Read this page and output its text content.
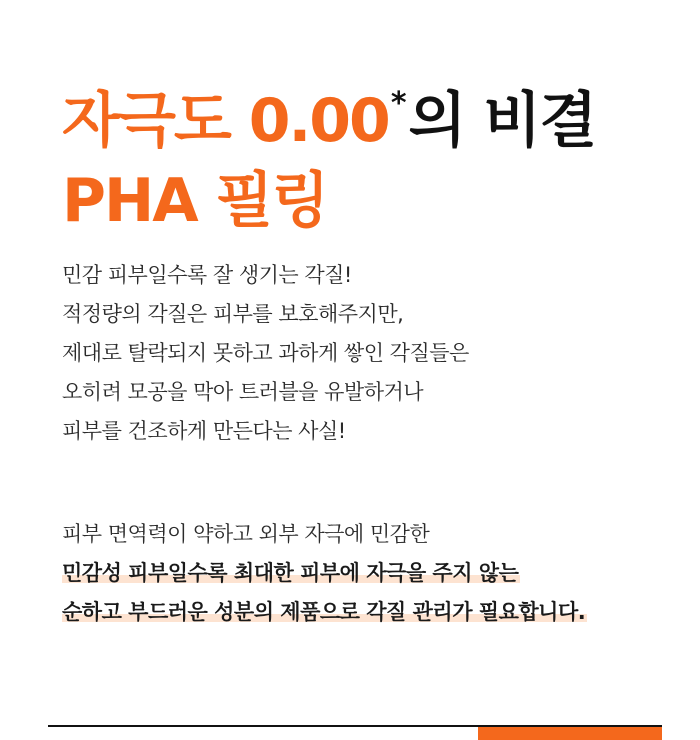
자극도 0.00*의 비결
PHA 필링

민감 피부일수록 잘 생기는 각질!
적정량의 각질은 피부를 보호해주지만,
제대로 탈락되지 못하고 과하게 쌓인 각질들은
오히려 모공을 막아 트러블을 유발하거나
피부를 건조하게 만든다는 사실!

피부 면역력이 약하고 외부 자극에 민감한
민감성 피부일수록 최대한 피부에 자극을 주지 않는
순하고 부드러운 성분의 제품으로 각질 관리가 필요합니다.
